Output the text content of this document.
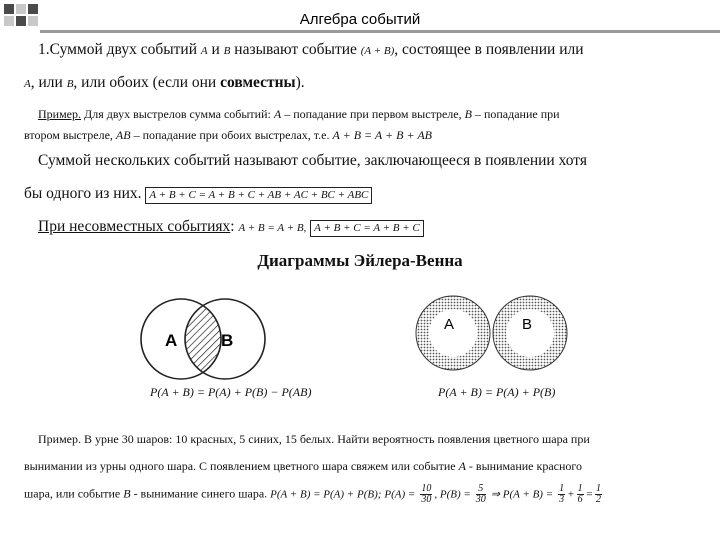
Алгебра событий
1.Суммой двух событий A и B называют событие (A + B), состоящее в появлении или
A, или B, или обоих (если они совместны).
Пример. Для двух выстрелов сумма событий: A – попадание при первом выстреле, B – попадание при
втором выстреле, AB – попадание при обоих выстрелах, т.е. A + B = A + B + AB
Суммой нескольких событий называют событие, заключающееся в появлении хотя
бы одного из них. A + B + C = A + B + C + AB + AC + BC + ABC
При несовместных событиях: A + B = A + B, A + B + C = A + B + C
Диаграммы Эйлера-Венна
A	B
A	B
P(A + B) = P(A) + P(B) − P(AB)	P(A + B) = P(A) + P(B)
Пример. В урне 30 шаров: 10 красных, 5 синих, 15 белых. Найти вероятность появления цветного шара при
вынимании из урны одного шара. С появлением цветного шара свяжем или событие A - вынимание красного
шара, или событие B - вынимание синего шара. P(A + B) = P(A) + P(B); $P(A) = \frac{10}{30}$ , $P(B) = \frac{5}{30}$ ⇒ $P(A + B) = \frac{1}{3} + \frac{1}{6} = \frac{1}{2}$
